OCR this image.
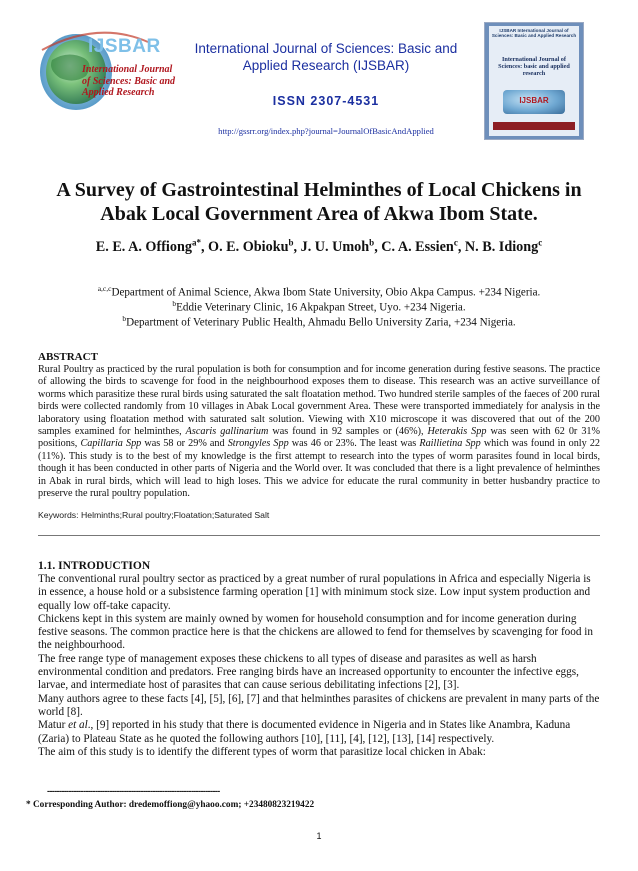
IJSBAR
International Journal
of Sciences: Basic and
Applied Research
International Journal of Sciences: Basic and
Applied Research (IJSBAR)
ISSN 2307-4531
http://gssrr.org/index.php?journal=JournalOfBasicAndApplied
IJSBAR International Journal of Sciences: Basic and Applied Research
International Journal of Sciences: basic and applied research
IJSBAR
A Survey of Gastrointestinal Helminthes of Local Chickens in
Abak Local Government Area of Akwa Ibom State.
E. E. A. Offiong$^{a*}$, O. E. Obioku$^b$, J. U. Umoh$^b$, C. A. Essien$^c$, N. B. Idiong$^c$
$^{a,c,c}$Department of Animal Science, Akwa Ibom State University, Obio Akpa Campus. +234 Nigeria.
$^b$Eddie Veterinary Clinic, 16 Akpakpan Street, Uyo. +234 Nigeria.
$^b$Department of Veterinary Public Health, Ahmadu Bello University Zaria, +234 Nigeria.
ABSTRACT
Rural Poultry as practiced by the rural population is both for consumption and for income generation during festive seasons. The practice of allowing the birds to scavenge for food in the neighbourhood exposes them to disease. This research was an active surveillance of worms which parasitize these rural birds using saturated the salt floatation method. Two hundred sterile samples of the faeces of 200 rural birds were collected randomly from 10 villages in Abak Local government Area. These were transported immediately for analysis in the laboratory using floatation method with saturated salt solution. Viewing with X10 microscope it was discovered that out of the 200 samples examined for helminthes, Ascaris gallinarium was found in 92 samples or (46%), Heterakis Spp was seen with 62 0r 31% positions, Capillaria Spp was 58 or 29% and Strongyles Spp was 46 or 23%. The least was Raillietina Spp which was found in only 22 (11%). This study is to the best of my knowledge is the first attempt to research into the types of worm parasites found in local birds, though it has been conducted in other parts of Nigeria and the World over. It was concluded that there is a light prevalence of helminthes in Abak in rural birds, which will lead to high loses. This we advice for educate the rural community in better husbandry practice to preserve the rural poultry population.
Keywords: Helminths;Rural poultry;Floatation;Saturated Salt
1.1. INTRODUCTION

The conventional rural poultry sector as practiced by a great number of rural populations in Africa and especially Nigeria is in essence, a house hold or a subsistence farming operation [1] with minimum stock size. Low input system production and equally low off-take capacity.

Chickens kept in this system are mainly owned by women for household consumption and for income generation during festive seasons. The common practice here is that the chickens are allowed to fend for themselves by scavenging for food in the neighbourhood.

The free range type of management exposes these chickens to all types of disease and parasites as well as harsh environmental condition and predators. Free ranging birds have an increased opportunity to encounter the infective eggs, larvae, and intermediate host of parasites that can cause serious debilitating infections [2], [3].

Many authors agree to these facts [4], [5], [6], [7] and that helminthes parasites of chickens are prevalent in many parts of the world [8].

Matur et al., [9] reported in his study that there is documented evidence in Nigeria and in States like Anambra, Kaduna (Zaria) to Plateau State as he quoted the following authors [10], [11], [4], [12], [13], [14] respectively.

The aim of this study is to identify the different types of worm that parasitize local chicken in Abak:

------------------------------------------------------------------------
* Corresponding Author: dredemoffiong@yhaoo.com; +23480823219422
1
